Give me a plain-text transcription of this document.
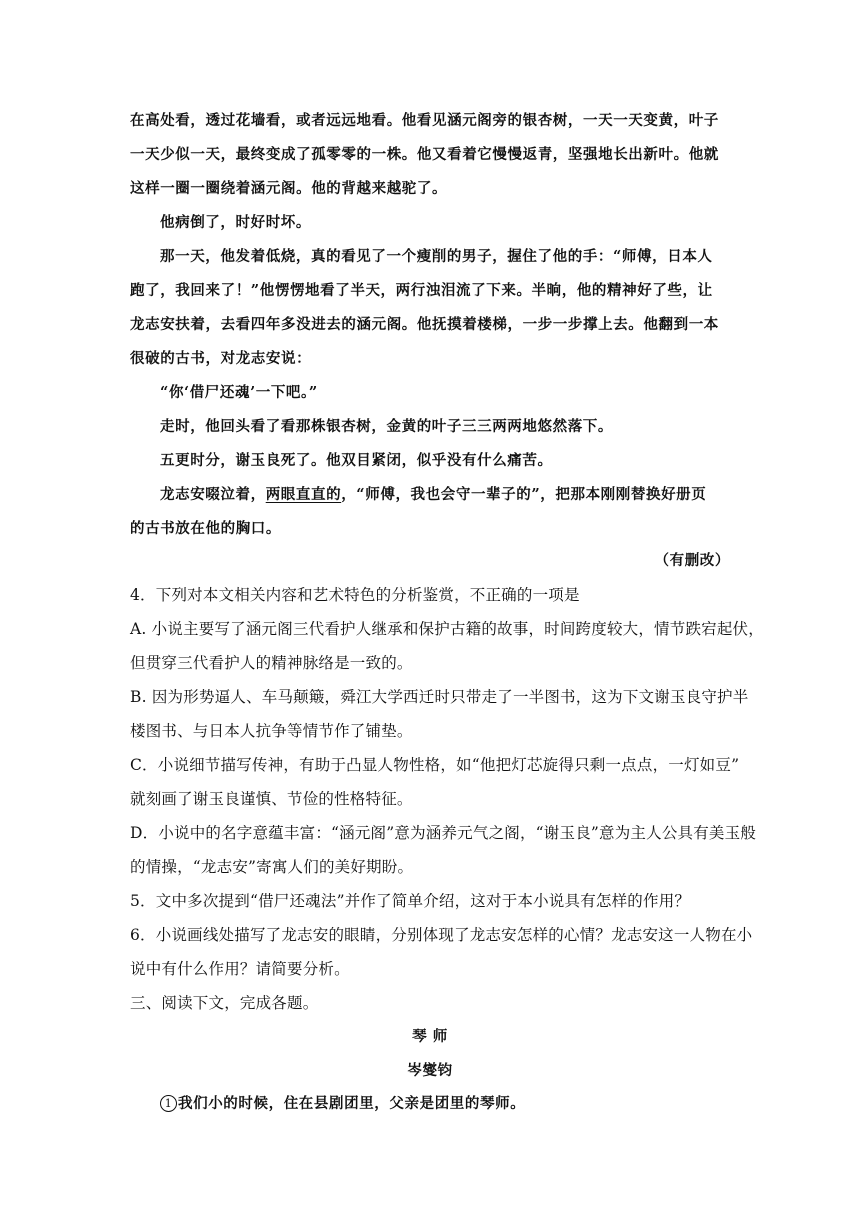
在高处看，透过花墙看，或者远远地看。他看见涵元阁旁的银杏树，一天一天变黄，叶子
一天少似一天，最终变成了孤零零的一株。他又看着它慢慢返青，坚强地长出新叶。他就
这样一圈一圈绕着涵元阁。他的背越来越驼了。
他病倒了，时好时坏。
那一天，他发着低烧，真的看见了一个瘦削的男子，握住了他的手：“师傅，日本人
跑了，我回来了！”他愣愣地看了半天，两行浊泪流了下来。半晌，他的精神好了些，让
龙志安扶着，去看四年多没进去的涵元阁。他抚摸着楼梯，一步一步撑上去。他翻到一本
很破的古书，对龙志安说：
“你‘借尸还魂’一下吧。”
走时，他回头看了看那株银杏树，金黄的叶子三三两两地悠然落下。
五更时分，谢玉良死了。他双目紧闭，似乎没有什么痛苦。
龙志安啜泣着，两眼直直的，“师傅，我也会守一辈子的”，把那本刚刚替换好册页
的古书放在他的胸口。
（有删改）
4．下列对本文相关内容和艺术特色的分析鉴赏，不正确的一项是
A. 小说主要写了涵元阁三代看护人继承和保护古籍的故事，时间跨度较大，情节跌宕起伏，
但贯穿三代看护人的精神脉络是一致的。
B. 因为形势逼人、车马颠簸，舜江大学西迁时只带走了一半图书，这为下文谢玉良守护半
楼图书、与日本人抗争等情节作了铺垫。
C．小说细节描写传神，有助于凸显人物性格，如“他把灯芯旋得只剩一点点，一灯如豆”
就刻画了谢玉良谨慎、节俭的性格特征。
D．小说中的名字意蕴丰富：“涵元阁”意为涵养元气之阁，“谢玉良”意为主人公具有美玉般
的情操，“龙志安”寄寓人们的美好期盼。
5．文中多次提到“借尸还魂法”并作了简单介绍，这对于本小说具有怎样的作用？
6．小说画线处描写了龙志安的眼睛，分别体现了龙志安怎样的心情？龙志安这一人物在小
说中有什么作用？请简要分析。
三、阅读下文，完成各题。
琴 师
岑燮钧
1 我们小的时候，住在县剧团里，父亲是团里的琴师。
